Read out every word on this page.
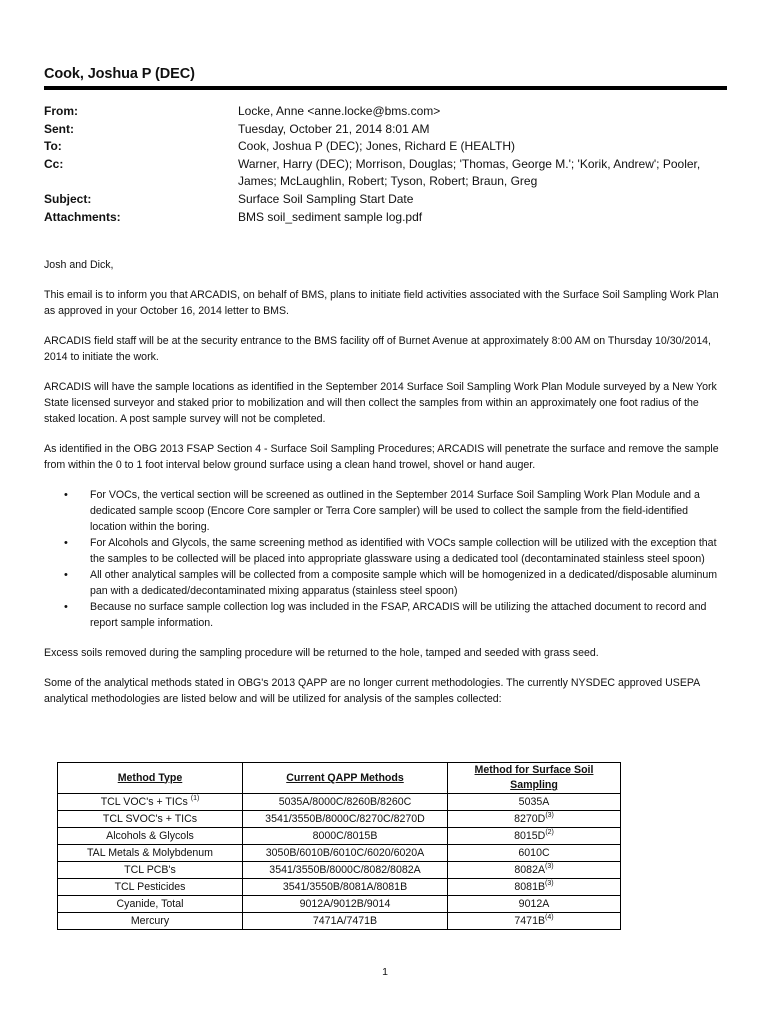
Cook, Joshua P (DEC)
From:	Locke, Anne <anne.locke@bms.com>
Sent:	Tuesday, October 21, 2014 8:01 AM
To:	Cook, Joshua P (DEC); Jones, Richard E (HEALTH)
Cc:	Warner, Harry (DEC); Morrison, Douglas; 'Thomas, George M.'; 'Korik, Andrew'; Pooler, James; McLaughlin, Robert; Tyson, Robert; Braun, Greg
Subject:	Surface Soil Sampling Start Date
Attachments:	BMS soil_sediment sample log.pdf

Josh and Dick,

This email is to inform you that ARCADIS, on behalf of BMS, plans to initiate field activities associated with the Surface Soil Sampling Work Plan as approved in your October 16, 2014 letter to BMS.

ARCADIS field staff will be at the security entrance to the BMS facility off of Burnet Avenue at approximately 8:00 AM on Thursday 10/30/2014, 2014 to initiate the work.

ARCADIS will have the sample locations as identified in the September 2014 Surface Soil Sampling Work Plan Module surveyed by a New York State licensed surveyor and staked prior to mobilization and will then collect the samples from within an approximately one foot radius of the staked location. A post sample survey will not be completed.

As identified in the OBG 2013 FSAP Section 4 - Surface Soil Sampling Procedures; ARCADIS will penetrate the surface and remove the sample from within the 0 to 1 foot interval below ground surface using a clean hand trowel, shovel or hand auger.

• For VOCs, the vertical section will be screened as outlined in the September 2014 Surface Soil Sampling Work Plan Module and a dedicated sample scoop (Encore Core sampler or Terra Core sampler) will be used to collect the sample from the field-identified location within the boring.
• For Alcohols and Glycols, the same screening method as identified with VOCs sample collection will be utilized with the exception that the samples to be collected will be placed into appropriate glassware using a dedicated tool (decontaminated stainless steel spoon)
• All other analytical samples will be collected from a composite sample which will be homogenized in a dedicated/disposable aluminum pan with a dedicated/decontaminated mixing apparatus (stainless steel spoon)
• Because no surface sample collection log was included in the FSAP, ARCADIS will be utilizing the attached document to record and report sample information.

Excess soils removed during the sampling procedure will be returned to the hole, tamped and seeded with grass seed.

Some of the analytical methods stated in OBG's 2013 QAPP are no longer current methodologies. The currently NYSDEC approved USEPA analytical methodologies are listed below and will be utilized for analysis of the samples collected:

Method Type	Current QAPP Methods	Method for Surface Soil Sampling
TCL VOC's + TICs $^{(1)}$	5035A/8000C/8260B/8260C	5035A
TCL SVOC's + TICs	3541/3550B/8000C/8270C/8270D	$8270D^{(3)}$
Alcohols & Glycols	8000C/8015B	$8015D^{(2)}$
TAL Metals & Molybdenum	3050B/6010B/6010C/6020/6020A	6010C
TCL PCB's	3541/3550B/8000C/8082/8082A	$8082A^{(3)}$
TCL Pesticides	3541/3550B/8081A/8081B	$8081B^{(3)}$
Cyanide, Total	9012A/9012B/9014	9012A
Mercury	7471A/7471B	$7471B^{(4)}$
1
